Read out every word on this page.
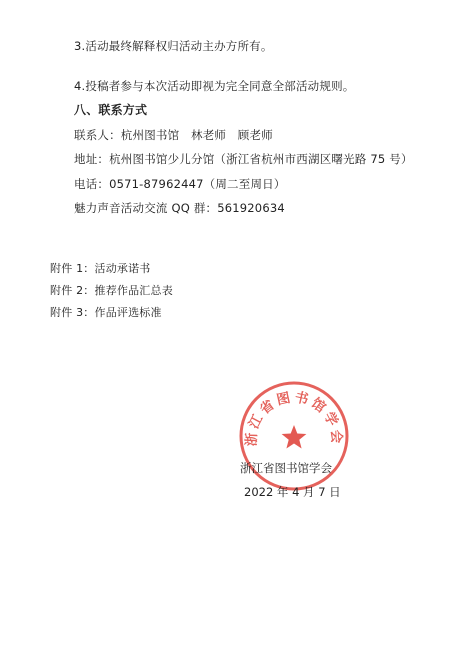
3.活动最终解释权归活动主办方所有。
4.投稿者参与本次活动即视为完全同意全部活动规则。
八、联系方式
联系人：杭州图书馆　林老师　顾老师
地址：杭州图书馆少儿分馆（浙江省杭州市西湖区曙光路 75 号）
电话：0571-87962447（周二至周日）
魅力声音活动交流 QQ 群：561920634
附件 1：活动承诺书
附件 2：推荐作品汇总表
附件 3：作品评选标准
浙江省图书馆学会
浙江省图书馆学会
2022 年 4 月 7 日
